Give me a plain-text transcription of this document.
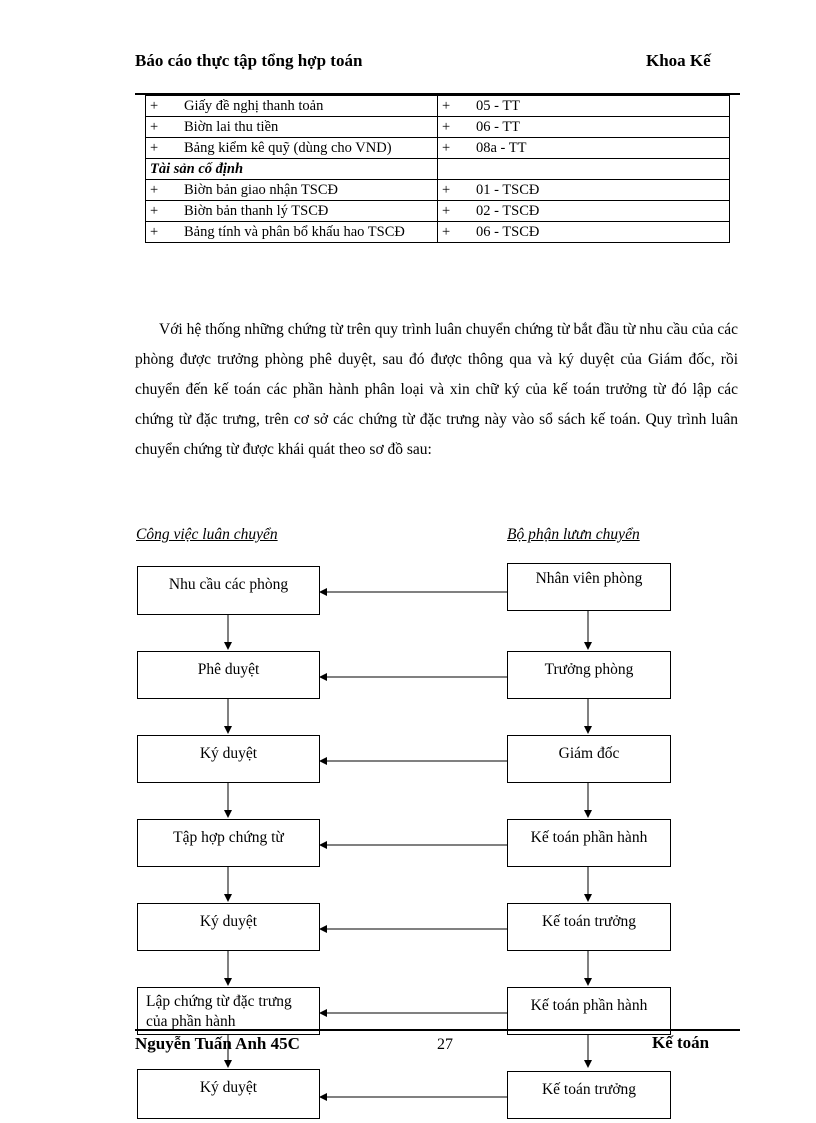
Báo cáo thực tập tổng hợp toán	Khoa Kế
+ Giấy đề nghị thanh toản	+ 05 - TT
+ Biờn lai thu tiền	+ 06 - TT
+ Bảng kiểm kê quỹ (dùng cho VND)	+ 08a - TT
Tài sản cố định	
+ Biờn bản giao nhận TSCĐ	+ 01 - TSCĐ
+ Biờn bản thanh lý TSCĐ	+ 02 - TSCĐ
+ Bảng tính và phân bổ khấu hao TSCĐ	+ 06 - TSCĐ
Với hệ thống những chứng từ trên quy trình luân chuyển chứng từ bắt đầu từ nhu cầu của các phòng được trưởng phòng phê duyệt, sau đó được thông qua và ký duyệt của Giám đốc, rồi chuyển đến kế toán các phần hành phân loại và xin chữ ký của kế toán trưởng từ đó lập các chứng từ đặc trưng, trên cơ sở các chứng từ đặc trưng này vào sổ sách kế toán. Quy trình luân chuyển chứng từ được khái quát theo sơ đồ sau:
Công việc luân chuyển	Bộ phận lưưn chuyển
Nhu cầu các phòng
Phê duyệt
Ký duyệt
Tập hợp chứng từ
Ký duyệt
Lập chứng từ đặc trưng của phần hành
Ký duyệt
Nhân viên phòng
Trưởng phòng
Giám đốc
Kế toán phần hành
Kế toán trưởng
Kế toán phần hành
Kế toán trưởng
Nguyễn Tuấn Anh 45C	27	Kế toán
